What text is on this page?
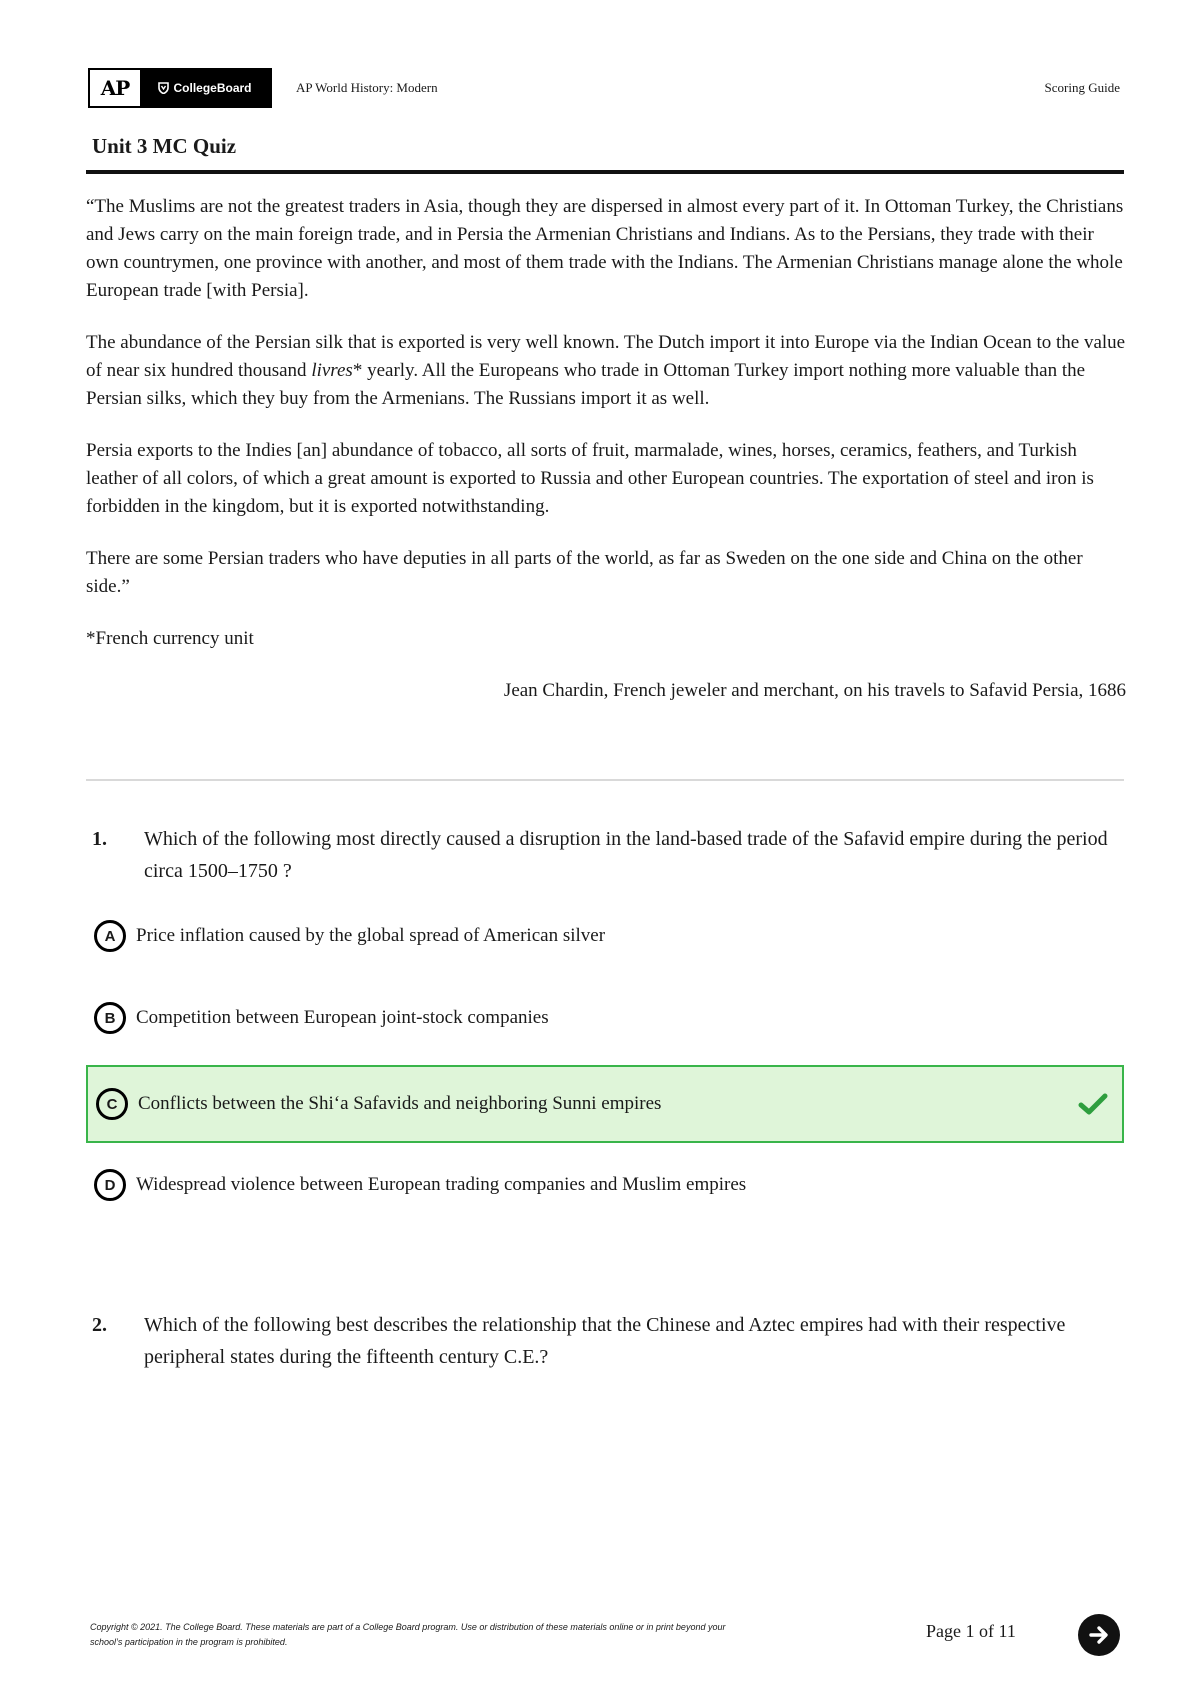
AP	CollegeBoard	AP World History: Modern	Scoring Guide
Unit 3 MC Quiz

“The Muslims are not the greatest traders in Asia, though they are dispersed in almost every part of it. In Ottoman Turkey, the Christians and Jews carry on the main foreign trade, and in Persia the Armenian Christians and Indians. As to the Persians, they trade with their own countrymen, one province with another, and most of them trade with the Indians. The Armenian Christians manage alone the whole European trade [with Persia].

The abundance of the Persian silk that is exported is very well known. The Dutch import it into Europe via the Indian Ocean to the value of near six hundred thousand livres* yearly. All the Europeans who trade in Ottoman Turkey import nothing more valuable than the Persian silks, which they buy from the Armenians. The Russians import it as well.

Persia exports to the Indies [an] abundance of tobacco, all sorts of fruit, marmalade, wines, horses, ceramics, feathers, and Turkish leather of all colors, of which a great amount is exported to Russia and other European countries. The exportation of steel and iron is forbidden in the kingdom, but it is exported notwithstanding.

There are some Persian traders who have deputies in all parts of the world, as far as Sweden on the one side and China on the other side.”

*French currency unit

Jean Chardin, French jeweler and merchant, on his travels to Safavid Persia, 1686

1. Which of the following most directly caused a disruption in the land-based trade of the Safavid empire during the period circa 1500–1750 ?
A	Price inflation caused by the global spread of American silver
B	Competition between European joint-stock companies
C	Conflicts between the Shi‘a Safavids and neighboring Sunni empires
D	Widespread violence between European trading companies and Muslim empires
2. Which of the following best describes the relationship that the Chinese and Aztec empires had with their respective peripheral states during the fifteenth century C.E.?
Copyright © 2021. The College Board. These materials are part of a College Board program. Use or distribution of these materials online or in print beyond your school’s participation in the program is prohibited.
Page 1 of 11
